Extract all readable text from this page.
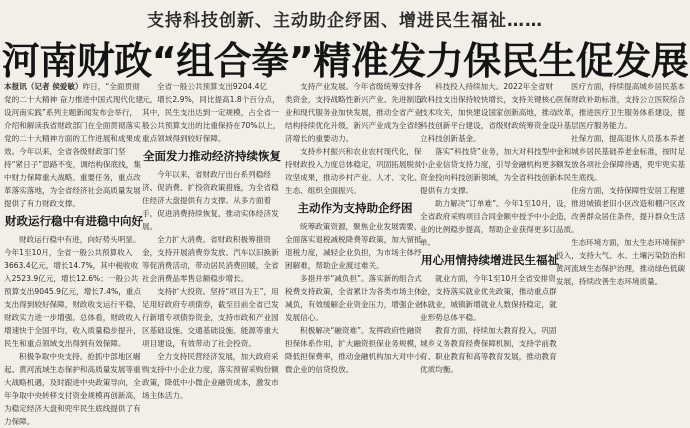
支持科技创新、主动助企纾困、增进民生福祉……
河南财政“组合拳”精准发力保民生促发展

本报讯（记者 侯爱敏）昨日，“全面贯彻党的二十大精神 奋力推进中国式现代化建设河南实践”系列主题新闻发布会举行，介绍和解读我省财政部门在全面贯彻落实党的二十大精神方面的工作进展和成果成效。今年以来，全省各级财政部门坚持“紧日子”思路不变，调结构保底线，集中财力保障重大战略、重要任务，重点改革落实落地，为全省经济社会高质量发展提供了有力财政支撑。

财政运行稳中有进稳中向好

财政运行稳中有进，向好势头明显。今年1至10月，全省一般公共预算收入3663.4亿元，增长14.7%，其中税收收入2523.9亿元，增长12.6%；一般公共预算支出9045.9亿元，增长7.4%，重点支出得到较好保障，财政收支运行平稳，财政实力进一步增强。总体看，财政收入增速快于全国平均，收入质量稳步提升，民生和重点领域支出得到有效保障。

积极争取中央支持。抢抓中部地区崛起、黄河流域生态保护和高质量发展等重大战略机遇，及时跟进中央政策导向，全年争取中央转移支付资金规模再创新高，为稳定经济大盘和兜牢民生底线提供了有力保障。

全省一般公共预算支出9204.4亿元，增长2.9%，同比提高1.8个百分点，其中，民生支出达到一定规模，占全省一般公共预算支出的比重保持在70%以上，重点领域得到较好保障。

全面发力推动经济持续恢复

今年以来，省财政厅出台系列稳经济、促消费、扩投资政策措施，为全省稳住经济大盘提供有力支撑。从多方面着手，促进消费持续恢复，推动实体经济发展。

全力扩大消费。省财政积极筹措资金，支持开展消费券发放、汽车以旧换新等促消费活动，带动居民消费回暖，全省社会消费品零售总额稳步增长。

支持扩大投资。坚持“项目为王”，用足用好政府专项债券，截至目前全省已发行新增专项债券资金，支持市政和产业园区基础设施、交通基础设施、能源等重大项目建设，有效带动了社会投资。

全力支持民营经济发展，加大政府采购支持中小企业力度，落实预留采购份额政策，降低中小微企业融资成本，激发市场主体活力。

支持产业发展。今年省级统筹安排各类资金，支持战略性新兴产业、先进制造业和现代服务业加快发展，推动全省产业结构持续优化升级，新兴产业成为全省经济增长的重要动力。

支持乡村振兴和农业农村现代化，保持财政投入力度总体稳定，巩固拓展脱贫攻坚成果，推动乡村产业、人才、文化、生态、组织全面振兴。

主动作为支持助企纾困

统筹政策资源，聚焦企业发展需要，全面落实退税减税降费等政策，加大留抵退税力度，减轻企业负担，为市场主体纾困解难，帮助企业渡过难关。

多措并举“减负担”。落实新的组合式税费支持政策，全省累计为各类市场主体减负，有效缓解企业资金压力，增强企业发展信心。

积极解决“融资难”。发挥政府性融资担保体系作用，扩大融资担保业务规模，降低担保费率，推动金融机构加大对中小微企业的信贷投放。

科技投入持续加大。2022年全省财政科技支出保持较快增长，支持关键核心技术攻关，加快建设国家创新高地，推动科技创新平台建设，省级财政统筹资金设立科技创新基金。

落实“科技贷”业务，加大对科技型中小企业信贷支持力度，引导金融机构更多资金投向科技创新领域，为全省科技创新提供有力支撑。

助力解决“订单难”。今年1至10月，全省政府采购项目合同金额中授予中小企业的比例稳步提高，帮助企业获得更多订单。

用心用情持续增进民生福祉

就业方面，今年1至10月全省安排资金，支持落实就业优先政策，推动重点群体就业，城镇新增就业人数保持稳定，就业形势总体平稳。

教育方面，持续加大教育投入，巩固城乡义务教育经费保障机制，支持学前教育、职业教育和高等教育发展，推动教育优质均衡。

医疗方面，持续提高城乡居民基本医保财政补助标准，支持公立医院综合改革，推进医疗卫生服务体系建设，提升基层医疗服务能力。

社保方面，提高退休人员基本养老金和城乡居民基础养老金标准，按时足额发放各项社会保障待遇，兜牢兜实基本民生底线。

住房方面，支持保障性安居工程建设，推进城镇老旧小区改造和棚户区改造，改善群众居住条件，提升群众生活品质。

生态环境方面，加大生态环境保护投入，支持大气、水、土壤污染防治和黄河流域生态保护治理，推动绿色低碳发展，持续改善生态环境质量。
